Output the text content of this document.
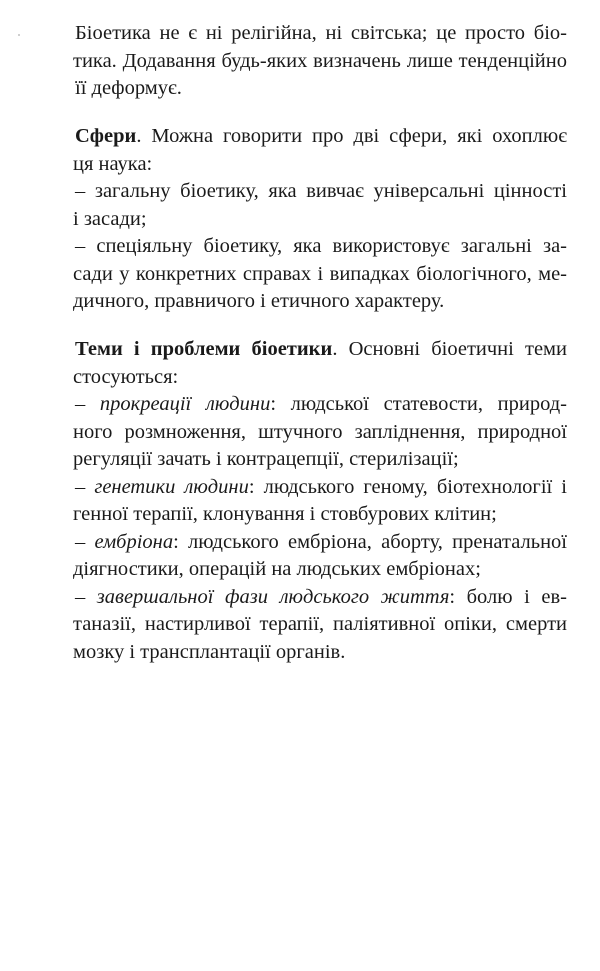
Біоетика не є ні релігійна, ні світська; це просто біо-
тика. Додавання будь-яких визначень лише тенденційно
її деформує.
Сфери. Можна говорити про дві сфери, які охоплює
ця наука:
– загальну біоетику, яка вивчає універсальні цінності
і засади;
– спеціяльну біоетику, яка використовує загальні за-
сади у конкретних справах і випадках біологічного, ме-
дичного, правничого і етичного характеру.
Теми і проблеми біоетики. Основні біоетичні теми
стосуються:
– прокреації людини: людської статевости, природ-
ного розмноження, штучного запліднення, природної
регуляції зачать і контрацепції, стерилізації;
– генетики людини: людського геному, біотехнології і
генної терапії, клонування і стовбурових клітин;
– ембріона: людського ембріона, аборту, пренатальної
діягностики, операцій на людських ембріонах;
– завершальної фази людського життя: болю і ев-
таназії, настирливої терапії, паліятивної опіки, смерти
мозку і трансплантації органів.
